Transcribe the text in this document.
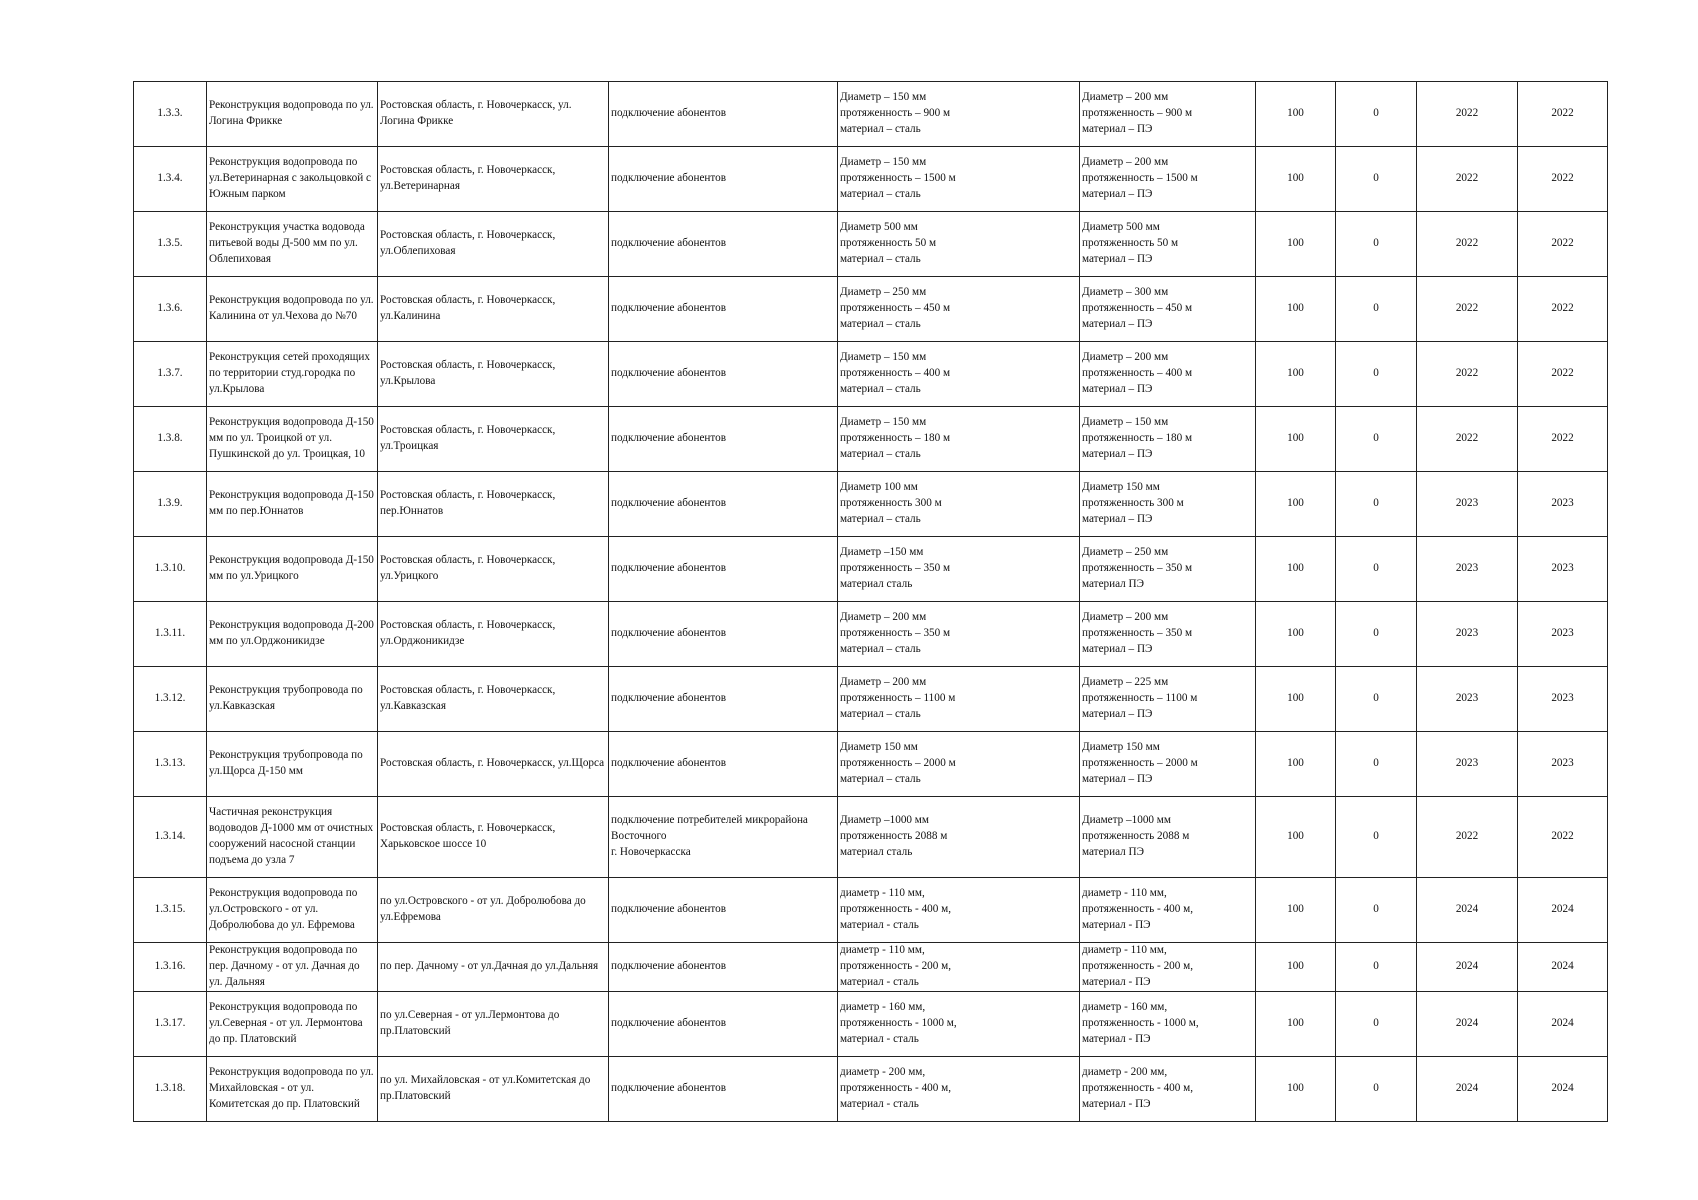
1.3.3.	Реконструкция водопровода по ул. Логина Фрикке	Ростовская область, г. Новочеркасск, ул. Логина Фрикке	подключение абонентов	Диаметр – 150 мм
протяженность – 900 м
материал – сталь	Диаметр – 200 мм
протяженность – 900 м
материал – ПЭ	100	0	2022	2022
1.3.4.	Реконструкция водопровода по ул.Ветеринарная с закольцовкой с Южным парком	Ростовская область, г. Новочеркасск, ул.Ветеринарная	подключение абонентов	Диаметр – 150 мм
протяженность – 1500 м
материал – сталь	Диаметр – 200 мм
протяженность – 1500 м
материал – ПЭ	100	0	2022	2022
1.3.5.	Реконструкция участка водовода питьевой воды Д-500 мм по ул. Облепиховая	Ростовская область, г. Новочеркасск, ул.Облепиховая	подключение абонентов	Диаметр 500 мм
протяженность 50 м
материал – сталь	Диаметр 500 мм
протяженность 50 м
материал – ПЭ	100	0	2022	2022
1.3.6.	Реконструкция водопровода по ул. Калинина от ул.Чехова до №70	Ростовская область, г. Новочеркасск, ул.Калинина	подключение абонентов	Диаметр – 250 мм
протяженность – 450 м
материал – сталь	Диаметр – 300 мм
протяженность – 450 м
материал – ПЭ	100	0	2022	2022
1.3.7.	Реконструкция сетей проходящих по территории студ.городка по ул.Крылова	Ростовская область, г. Новочеркасск, ул.Крылова	подключение абонентов	Диаметр – 150 мм
протяженность – 400 м
материал – сталь	Диаметр – 200 мм
протяженность – 400 м
материал – ПЭ	100	0	2022	2022
1.3.8.	Реконструкция водопровода Д-150 мм по ул. Троицкой от ул. Пушкинской до ул. Троицкая, 10	Ростовская область, г. Новочеркасск, ул.Троицкая	подключение абонентов	Диаметр – 150 мм
протяженность – 180 м
материал – сталь	Диаметр – 150 мм
протяженность – 180 м
материал – ПЭ	100	0	2022	2022
1.3.9.	Реконструкция водопровода Д-150 мм по пер.Юннатов	Ростовская область, г. Новочеркасск, пер.Юннатов	подключение абонентов	Диаметр 100 мм
протяженность 300 м
материал – сталь	Диаметр 150 мм
протяженность 300 м
материал – ПЭ	100	0	2023	2023
1.3.10.	Реконструкция водопровода Д-150 мм по ул.Урицкого	Ростовская область, г. Новочеркасск, ул.Урицкого	подключение абонентов	Диаметр –150 мм
протяженность – 350 м
материал сталь	Диаметр – 250 мм
протяженность – 350 м
материал ПЭ	100	0	2023	2023
1.3.11.	Реконструкция водопровода Д-200 мм по ул.Орджоникидзе	Ростовская область, г. Новочеркасск, ул.Орджоникидзе	подключение абонентов	Диаметр – 200 мм
протяженность – 350 м
материал – сталь	Диаметр – 200 мм
протяженность – 350 м
материал – ПЭ	100	0	2023	2023
1.3.12.	Реконструкция трубопровода по ул.Кавказская	Ростовская область, г. Новочеркасск, ул.Кавказская	подключение абонентов	Диаметр – 200 мм
протяженность – 1100 м
материал – сталь	Диаметр – 225 мм
протяженность – 1100 м
материал – ПЭ	100	0	2023	2023
1.3.13.	Реконструкция трубопровода по ул.Щорса Д-150 мм	Ростовская область, г. Новочеркасск, ул.Щорса	подключение абонентов	Диаметр 150 мм
протяженность – 2000 м
материал – сталь	Диаметр 150 мм
протяженность – 2000 м
материал – ПЭ	100	0	2023	2023
1.3.14.	Частичная реконструкция водоводов Д-1000 мм от очистных сооружений насосной станции подъема до узла 7	Ростовская область, г. Новочеркасск, Харьковское шоссе 10	подключение потребителей микрорайона Восточного
г. Новочеркасска	Диаметр –1000 мм
протяженность 2088 м
материал сталь	Диаметр –1000 мм
протяженность 2088 м
материал ПЭ	100	0	2022	2022
1.3.15.	Реконструкция водопровода по ул.Островского - от ул. Добролюбова до ул. Ефремова	по ул.Островского - от ул. Добролюбова до ул.Ефремова	подключение абонентов	диаметр - 110 мм,
протяженность - 400 м,
материал - сталь	диаметр - 110 мм,
протяженность - 400 м,
материал - ПЭ	100	0	2024	2024
1.3.16.	Реконструкция водопровода по пер. Дачному - от ул. Дачная до ул. Дальняя	по пер. Дачному - от ул.Дачная до ул.Дальняя	подключение абонентов	диаметр - 110 мм,
протяженность - 200 м,
материал - сталь	диаметр - 110 мм,
протяженность - 200 м,
материал - ПЭ	100	0	2024	2024
1.3.17.	Реконструкция водопровода по ул.Северная - от ул. Лермонтова до пр. Платовский	по ул.Северная - от ул.Лермонтова до пр.Платовский	подключение абонентов	диаметр - 160 мм,
протяженность - 1000 м,
материал - сталь	диаметр - 160 мм,
протяженность - 1000 м,
материал - ПЭ	100	0	2024	2024
1.3.18.	Реконструкция водопровода по ул. Михайловская - от ул. Комитетская до пр. Платовский	по ул. Михайловская - от ул.Комитетская до пр.Платовский	подключение абонентов	диаметр - 200 мм,
протяженность - 400 м,
материал - сталь	диаметр - 200 мм,
протяженность - 400 м,
материал - ПЭ	100	0	2024	2024
